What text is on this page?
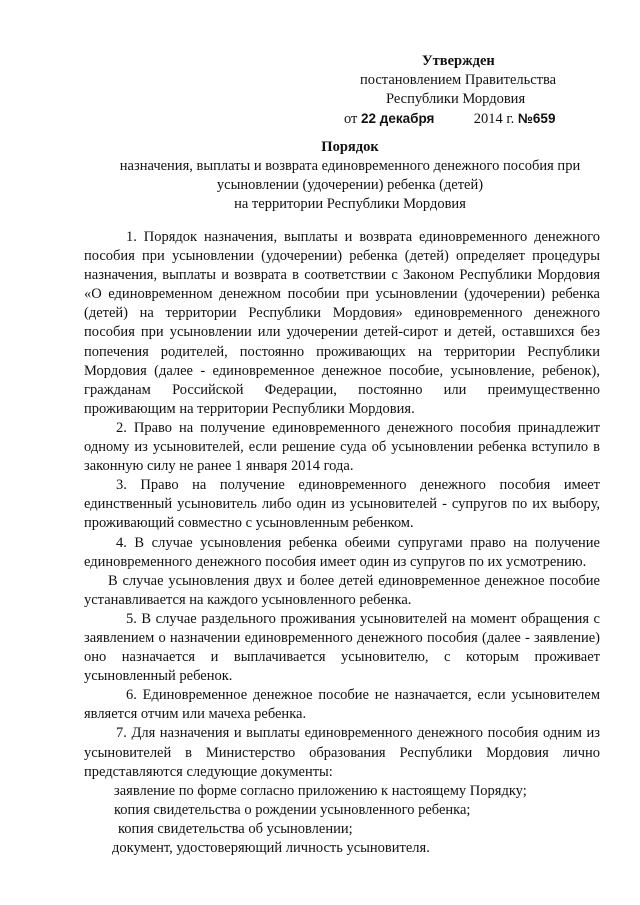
Утвержден
постановлением Правительства
Республики Мордовия
от 22 декабря	2014 г. №659
Порядок
назначения, выплаты и возврата единовременного денежного пособия при
усыновлении (удочерении) ребенка (детей)
на территории Республики Мордовия

1. Порядок назначения, выплаты и возврата единовременного денежного пособия при усыновлении (удочерении) ребенка (детей) определяет процедуры назначения, выплаты и возврата в соответствии с Законом Республики Мордовия «О единовременном денежном пособии при усыновлении (удочерении) ребенка (детей) на территории Республики Мордовия» единовременного денежного пособия при усыновлении или удочерении детей-сирот и детей, оставшихся без попечения родителей, постоянно проживающих на территории Республики Мордовия (далее - единовременное денежное пособие, усыновление, ребенок), гражданам Российской Федерации, постоянно или преимущественно проживающим на территории Республики Мордовия.

2. Право на получение единовременного денежного пособия принадлежит одному из усыновителей, если решение суда об усыновлении ребенка вступило в законную силу не ранее 1 января 2014 года.

3. Право на получение единовременного денежного пособия имеет единственный усыновитель либо один из усыновителей - супругов по их выбору, проживающий совместно с усыновленным ребенком.

4. В случае усыновления ребенка обеими супругами право на получение единовременного денежного пособия имеет один из супругов по их усмотрению.

В случае усыновления двух и более детей единовременное денежное пособие устанавливается на каждого усыновленного ребенка.

5. В случае раздельного проживания усыновителей на момент обращения с заявлением о назначении единовременного денежного пособия (далее - заявление) оно назначается и выплачивается усыновителю, с которым проживает усыновленный ребенок.

6. Единовременное денежное пособие не назначается, если усыновителем является отчим или мачеха ребенка.

7. Для назначения и выплаты единовременного денежного пособия одним из усыновителей в Министерство образования Республики Мордовия лично представляются следующие документы:

заявление по форме согласно приложению к настоящему Порядку;
копия свидетельства о рождении усыновленного ребенка;
копия свидетельства об усыновлении;
документ, удостоверяющий личность усыновителя.
